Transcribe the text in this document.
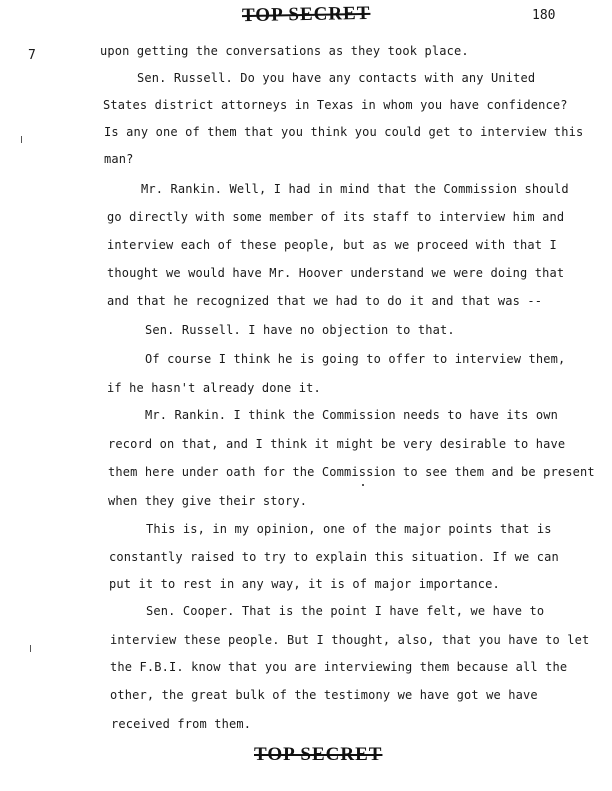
TOP SECRET	180
7	upon getting the conversations as they took place.
Sen. Russell. Do you have any contacts with any United
States district attorneys in Texas in whom you have confidence?
Is any one of them that you think you could get to interview this
man?
Mr. Rankin. Well, I had in mind that the Commission should
go directly with some member of its staff to interview him and
interview each of these people, but as we proceed with that I
thought we would have Mr. Hoover understand we were doing that
and that he recognized that we had to do it and that was --
Sen. Russell. I have no objection to that.
Of course I think he is going to offer to interview them,
if he hasn't already done it.
Mr. Rankin. I think the Commission needs to have its own
record on that, and I think it might be very desirable to have
them here under oath for the Commission to see them and be present
when they give their story.
This is, in my opinion, one of the major points that is
constantly raised to try to explain this situation. If we can
put it to rest in any way, it is of major importance.
Sen. Cooper. That is the point I have felt, we have to
interview these people. But I thought, also, that you have to let
the F.B.I. know that you are interviewing them because all the
other, the great bulk of the testimony we have got we have
received from them.
TOP SECRET
